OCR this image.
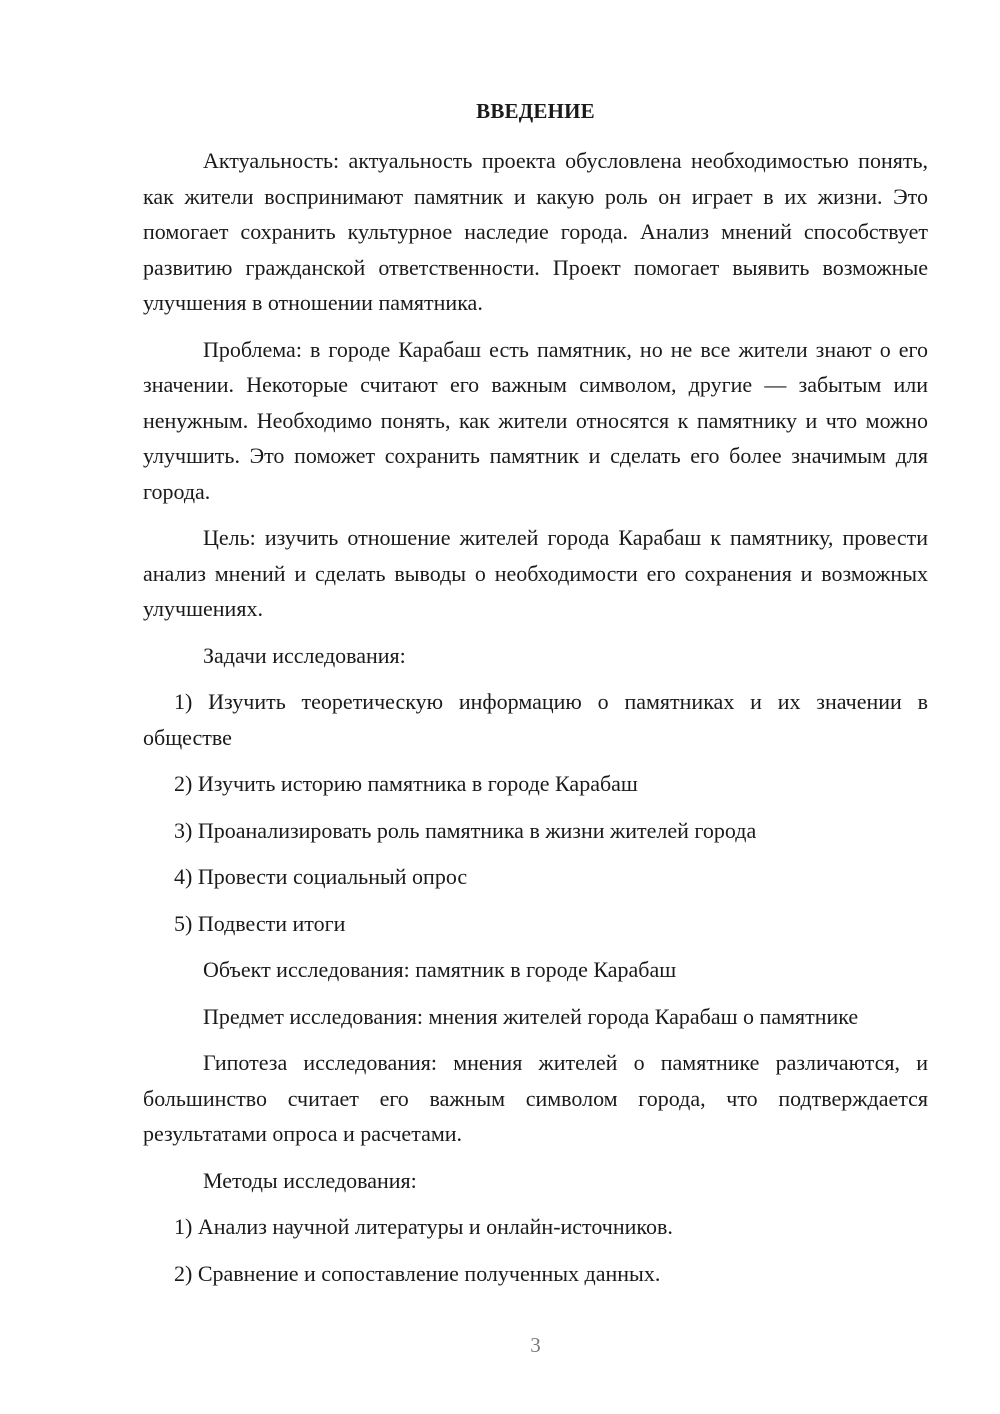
ВВЕДЕНИЕ

Актуальность: актуальность проекта обусловлена необходимостью понять, как жители воспринимают памятник и какую роль он играет в их жизни. Это помогает сохранить культурное наследие города. Анализ мнений способствует развитию гражданской ответственности. Проект помогает выявить возможные улучшения в отношении памятника.

Проблема: в городе Карабаш есть памятник, но не все жители знают о его значении. Некоторые считают его важным символом, другие — забытым или ненужным. Необходимо понять, как жители относятся к памятнику и что можно улучшить. Это поможет сохранить памятник и сделать его более значимым для города.

Цель: изучить отношение жителей города Карабаш к памятнику, провести анализ мнений и сделать выводы о необходимости его сохранения и возможных улучшениях.

Задачи исследования:

1) Изучить теоретическую информацию о памятниках и их значении в обществе

2) Изучить историю памятника в городе Карабаш

3) Проанализировать роль памятника в жизни жителей города

4) Провести социальный опрос

5) Подвести итоги

Объект исследования: памятник в городе Карабаш

Предмет исследования: мнения жителей города Карабаш о памятнике

Гипотеза исследования: мнения жителей о памятнике различаются, и большинство считает его важным символом города, что подтверждается результатами опроса и расчетами.

Методы исследования:

1) Анализ научной литературы и онлайн-источников.

2) Сравнение и сопоставление полученных данных.

3
